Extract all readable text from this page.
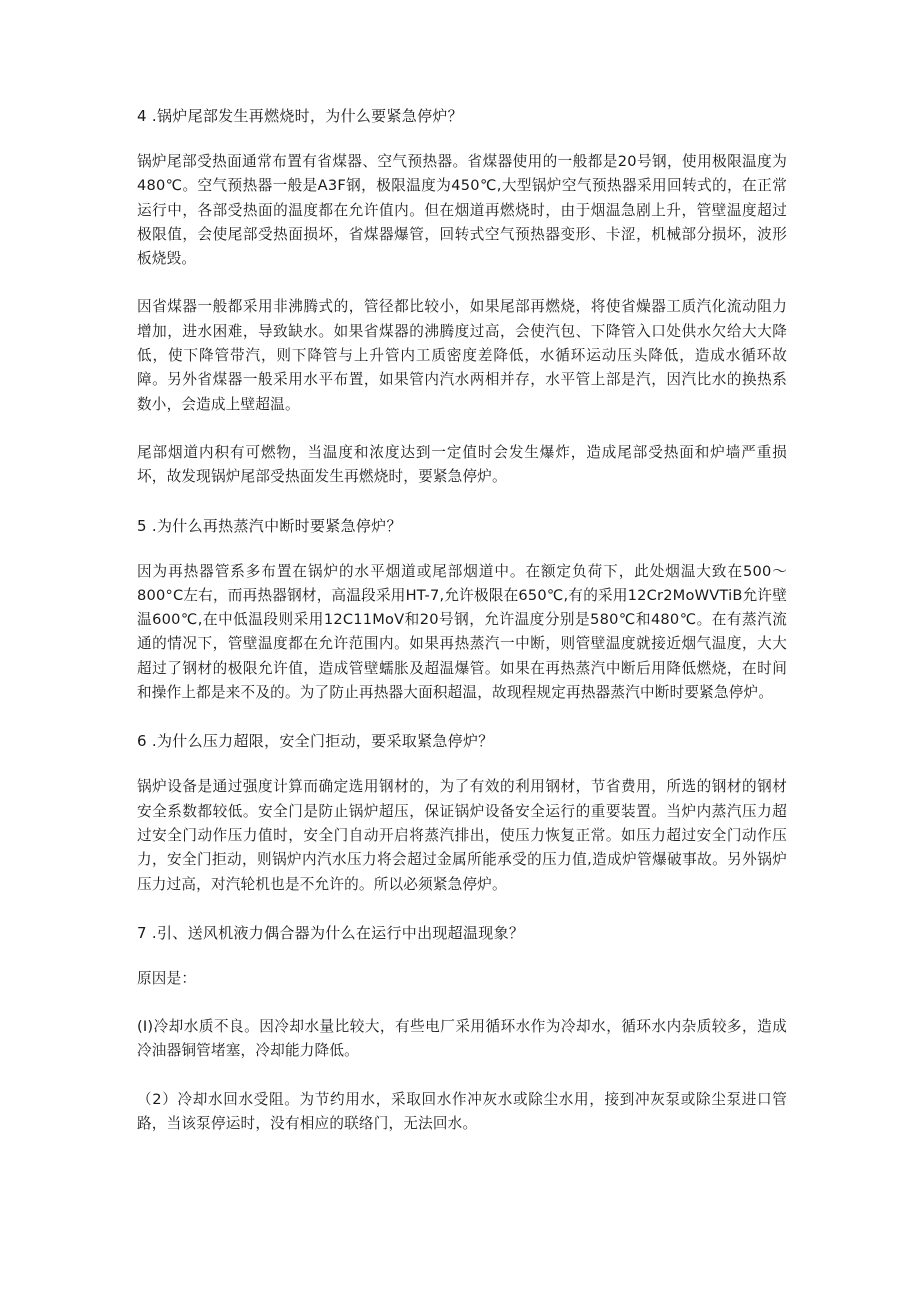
4 .锅炉尾部发生再燃烧时，为什么要紧急停炉？

锅炉尾部受热面通常布置有省煤器、空气预热器。省煤器使用的一般都是20号钢，使用极限温度为480℃。空气预热器一般是A3F钢，极限温度为450℃,大型锅炉空气预热器采用回转式的，在正常运行中，各部受热面的温度都在允许值内。但在烟道再燃烧时，由于烟温急剧上升，管壁温度超过极限值，会使尾部受热面损坏，省煤器爆管，回转式空气预热器变形、卡涩，机械部分损坏，波形板烧毁。

因省煤器一般都采用非沸腾式的，管径都比较小，如果尾部再燃烧，将使省燥器工质汽化流动阻力增加，进水困难，导致缺水。如果省煤器的沸腾度过高，会使汽包、下降管入口处供水欠给大大降低，使下降管带汽，则下降管与上升管内工质密度差降低，水循环运动压头降低，造成水循环故障。另外省煤器一般采用水平布置，如果管内汽水两相并存，水平管上部是汽，因汽比水的换热系数小，会造成上壁超温。

尾部烟道内积有可燃物，当温度和浓度达到一定值时会发生爆炸，造成尾部受热面和炉墙严重损坏，故发现锅炉尾部受热面发生再燃烧时，要紧急停炉。

5 .为什么再热蒸汽中断时要紧急停炉？

因为再热器管系多布置在锅炉的水平烟道或尾部烟道中。在额定负荷下，此处烟温大致在500～800°C左右，而再热器钢材，高温段采用HT-7,允许极限在650℃,有的采用12Cr2MoWVTiB允许壁温600℃,在中低温段则采用12C11MoV和20号钢，允许温度分别是580℃和480℃。在有蒸汽流通的情况下，管壁温度都在允许范围内。如果再热蒸汽一中断，则管壁温度就接近烟气温度，大大超过了钢材的极限允许值，造成管壁蠕胀及超温爆管。如果在再热蒸汽中断后用降低燃烧，在时间和操作上都是来不及的。为了防止再热器大面积超温，故现程规定再热器蒸汽中断时要紧急停炉。

6 .为什么压力超限，安全门拒动，要采取紧急停炉？

锅炉设备是通过强度计算而确定选用钢材的，为了有效的利用钢材，节省费用，所选的钢材的钢材安全系数都较低。安全门是防止锅炉超压，保证锅炉设备安全运行的重要装置。当炉内蒸汽压力超过安全门动作压力值时，安全门自动开启将蒸汽排出，使压力恢复正常。如压力超过安全门动作压力，安全门拒动，则锅炉内汽水压力将会超过金属所能承受的压力值,造成炉管爆破事故。另外锅炉压力过高，对汽轮机也是不允许的。所以必须紧急停炉。

7 .引、送风机液力偶合器为什么在运行中出现超温现象？

原因是：

(I)冷却水质不良。因冷却水量比较大，有些电厂采用循环水作为冷却水，循环水内杂质较多，造成冷油器铜管堵塞，冷却能力降低。

（2）冷却水回水受阻。为节约用水，采取回水作冲灰水或除尘水用，接到冲灰泵或除尘泵进口管路，当该泵停运时，没有相应的联络门，无法回水。
